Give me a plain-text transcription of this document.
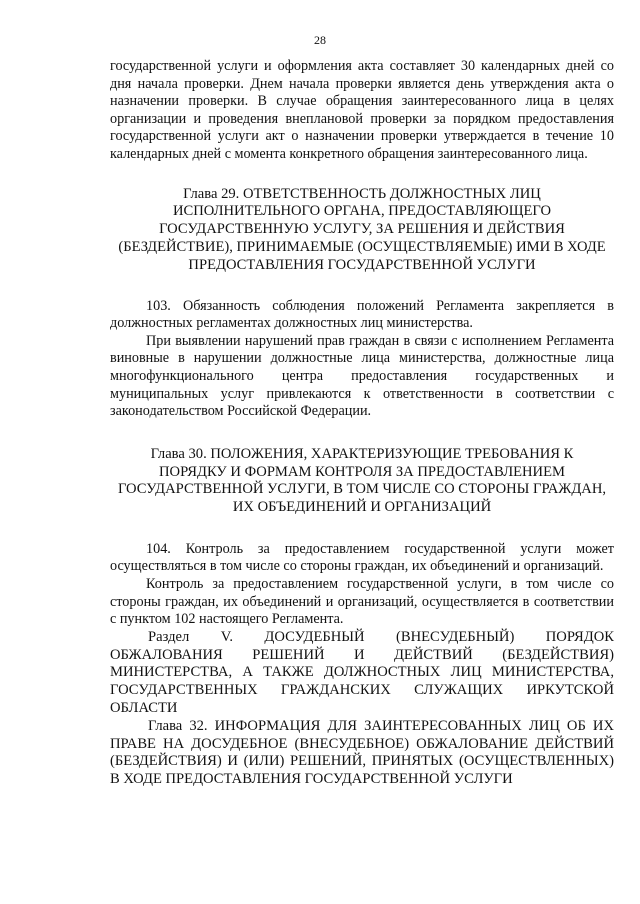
28

государственной услуги и оформления акта составляет 30 календарных дней со дня начала проверки. Днем начала проверки является день утверждения акта о назначении проверки. В случае обращения заинтересованного лица в целях организации и проведения внеплановой проверки за порядком предоставления государственной услуги акт о назначении проверки утверждается в течение 10 календарных дней с момента конкретного обращения заинтересованного лица.

Глава 29. ОТВЕТСТВЕННОСТЬ ДОЛЖНОСТНЫХ ЛИЦ ИСПОЛНИТЕЛЬНОГО ОРГАНА, ПРЕДОСТАВЛЯЮЩЕГО ГОСУДАРСТВЕННУЮ УСЛУГУ, ЗА РЕШЕНИЯ И ДЕЙСТВИЯ (БЕЗДЕЙСТВИЕ), ПРИНИМАЕМЫЕ (ОСУЩЕСТВЛЯЕМЫЕ) ИМИ В ХОДЕ ПРЕДОСТАВЛЕНИЯ ГОСУДАРСТВЕННОЙ УСЛУГИ

103. Обязанность соблюдения положений Регламента закрепляется в должностных регламентах должностных лиц министерства.

При выявлении нарушений прав граждан в связи с исполнением Регламента виновные в нарушении должностные лица министерства, должностные лица многофункционального центра предоставления государственных и муниципальных услуг привлекаются к ответственности в соответствии с законодательством Российской Федерации.

Глава 30. ПОЛОЖЕНИЯ, ХАРАКТЕРИЗУЮЩИЕ ТРЕБОВАНИЯ К ПОРЯДКУ И ФОРМАМ КОНТРОЛЯ ЗА ПРЕДОСТАВЛЕНИЕМ ГОСУДАРСТВЕННОЙ УСЛУГИ, В ТОМ ЧИСЛЕ СО СТОРОНЫ ГРАЖДАН, ИХ ОБЪЕДИНЕНИЙ И ОРГАНИЗАЦИЙ

104. Контроль за предоставлением государственной услуги может осуществляться в том числе со стороны граждан, их объединений и организаций.

Контроль за предоставлением государственной услуги, в том числе со стороны граждан, их объединений и организаций, осуществляется в соответствии с пунктом 102 настоящего Регламента.

Раздел V. ДОСУДЕБНЫЙ (ВНЕСУДЕБНЫЙ) ПОРЯДОК ОБЖАЛОВАНИЯ РЕШЕНИЙ И ДЕЙСТВИЙ (БЕЗДЕЙСТВИЯ) МИНИСТЕРСТВА, А ТАКЖЕ ДОЛЖНОСТНЫХ ЛИЦ МИНИСТЕРСТВА, ГОСУДАРСТВЕННЫХ ГРАЖДАНСКИХ СЛУЖАЩИХ ИРКУТСКОЙ ОБЛАСТИ
Глава 32. ИНФОРМАЦИЯ ДЛЯ ЗАИНТЕРЕСОВАННЫХ ЛИЦ ОБ ИХ ПРАВЕ НА ДОСУДЕБНОЕ (ВНЕСУДЕБНОЕ) ОБЖАЛОВАНИЕ ДЕЙСТВИЙ (БЕЗДЕЙСТВИЯ) И (ИЛИ) РЕШЕНИЙ, ПРИНЯТЫХ (ОСУЩЕСТВЛЕННЫХ) В ХОДЕ ПРЕДОСТАВЛЕНИЯ ГОСУДАРСТВЕННОЙ УСЛУГИ
